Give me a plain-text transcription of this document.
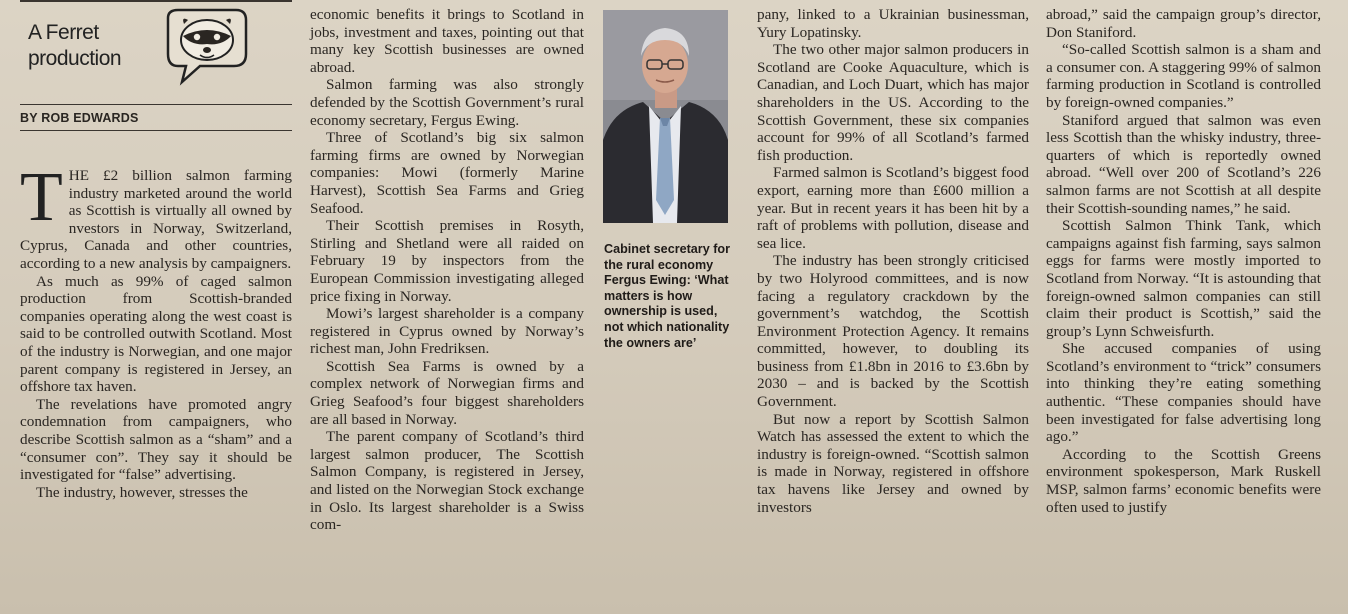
A Ferret
production
BY ROB EDWARDS

THE £2 billion salmon farming industry marketed around the world as Scottish is virtually all owned by nvestors in Norway, Switzerland, Cyprus, Canada and other countries, according to a new analysis by campaigners.

As much as 99% of caged salmon production from Scottish-branded companies operating along the west coast is said to be controlled outwith Scotland. Most of the industry is Norwegian, and one major parent company is registered in Jersey, an offshore tax haven.

The revelations have promoted angry condemnation from campaigners, who describe Scottish salmon as a “sham” and a “consumer con”. They say it should be investigated for “false” advertising.

The industry, however, stresses the

economic benefits it brings to Scotland in jobs, investment and taxes, pointing out that many key Scottish businesses are owned abroad.

Salmon farming was also strongly defended by the Scottish Government’s rural economy secretary, Fergus Ewing.

Three of Scotland’s big six salmon farming firms are owned by Norwegian companies: Mowi (formerly Marine Harvest), Scottish Sea Farms and Grieg Seafood.

Their Scottish premises in Rosyth, Stirling and Shetland were all raided on February 19 by inspectors from the European Commission investigating alleged price fixing in Norway.

Mowi’s largest shareholder is a company registered in Cyprus owned by Norway’s richest man, John Fredriksen.

Scottish Sea Farms is owned by a complex network of Norwegian firms and Grieg Seafood’s four biggest shareholders are all based in Norway.

The parent company of Scotland’s third largest salmon producer, The Scottish Salmon Company, is registered in Jersey, and listed on the Norwegian Stock exchange in Oslo. Its largest shareholder is a Swiss com-

Cabinet secretary for the rural economy Fergus Ewing: ‘What matters is how ownership is used, not which nationality the owners are’

pany, linked to a Ukrainian businessman, Yury Lopatinsky.

The two other major salmon producers in Scotland are Cooke Aquaculture, which is Canadian, and Loch Duart, which has major shareholders in the US. According to the Scottish Government, these six companies account for 99% of all Scotland’s farmed fish production.

Farmed salmon is Scotland’s biggest food export, earning more than £600 million a year. But in recent years it has been hit by a raft of problems with pollution, disease and sea lice.

The industry has been strongly criticised by two Holyrood committees, and is now facing a regulatory crackdown by the government’s watchdog, the Scottish Environment Protection Agency. It remains committed, however, to doubling its business from £1.8bn in 2016 to £3.6bn by 2030 – and is backed by the Scottish Government.

But now a report by Scottish Salmon Watch has assessed the extent to which the industry is foreign-owned. “Scottish salmon is made in Norway, registered in offshore tax havens like Jersey and owned by investors

abroad,” said the campaign group’s director, Don Staniford.

“So-called Scottish salmon is a sham and a consumer con. A staggering 99% of salmon farming production in Scotland is controlled by foreign-owned companies.”

Staniford argued that salmon was even less Scottish than the whisky industry, three-quarters of which is reportedly owned abroad. “Well over 200 of Scotland’s 226 salmon farms are not Scottish at all despite their Scottish-sounding names,” he said.

Scottish Salmon Think Tank, which campaigns against fish farming, says salmon eggs for farms were mostly imported to Scotland from Norway. “It is astounding that foreign-owned salmon companies can still claim their product is Scottish,” said the group’s Lynn Schweisfurth.

She accused companies of using Scotland’s environment to “trick” consumers into thinking they’re eating something authentic. “These companies should have been investigated for false advertising long ago.”

According to the Scottish Greens environment spokesperson, Mark Ruskell MSP, salmon farms’ economic benefits were often used to justify
